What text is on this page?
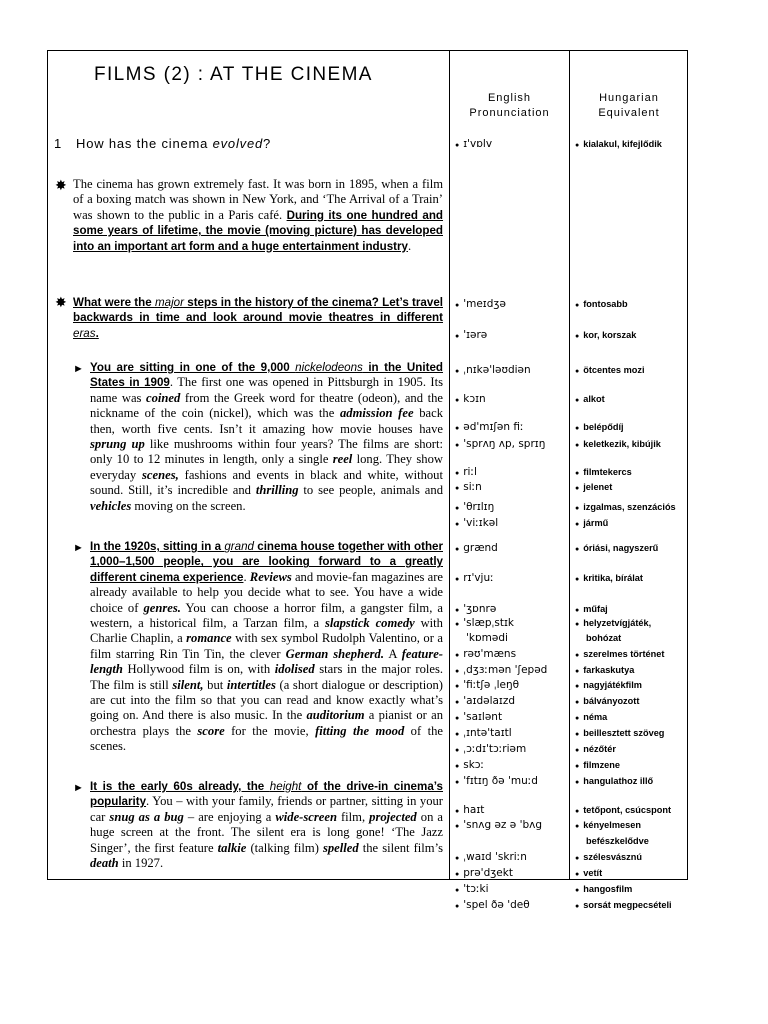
FILMS (2) : AT THE CINEMA
English
Pronunciation
Hungarian
Equivalent
1 How has the cinema evolved?
✸ The cinema has grown extremely fast. It was born in 1895, when a film of a boxing match was shown in New York, and ‘The Arrival of a Train’ was shown to the public in a Paris café. During its one hundred and some years of lifetime, the movie (moving picture) has developed into an important art form and a huge entertainment industry.
✸ What were the major steps in the history of the cinema? Let’s travel backwards in time and look around movie theatres in different eras.
► You are sitting in one of the 9,000 nickelodeons in the United States in 1909. The first one was opened in Pittsburgh in 1905. Its name was coined from the Greek word for theatre (odeon), and the nickname of the coin (nickel), which was the admission fee back then, worth five cents. Isn’t it amazing how movie houses have sprung up like mushrooms within four years? The films are short: only 10 to 12 minutes in length, only a single reel long. They show everyday scenes, fashions and events in black and white, without sound. Still, it’s incredible and thrilling to see people, animals and vehicles moving on the screen.
► In the 1920s, sitting in a grand cinema house together with other 1,000–1,500 people, you are looking forward to a greatly different cinema experience. Reviews and movie-fan magazines are already available to help you decide what to see. You have a wide choice of genres. You can choose a horror film, a gangster film, a western, a historical film, a Tarzan film, a slapstick comedy with Charlie Chaplin, a romance with sex symbol Rudolph Valentino, or a film starring Rin Tin Tin, the clever German shepherd. A feature-length Hollywood film is on, with idolised stars in the major roles. The film is still silent, but intertitles (a short dialogue or description) are cut into the film so that you can read and know exactly what’s going on. And there is also music. In the auditorium a pianist or an orchestra plays the score for the movie, fitting the mood of the scenes.
► It is the early 60s already, the height of the drive-in cinema’s popularity. You – with your family, friends or partner, sitting in your car snug as a bug – are enjoying a wide-screen film, projected on a huge screen at the front. The silent era is long gone! ‘The Jazz Singer’, the first feature talkie (talking film) spelled the silent film’s death in 1927.
● ɪ'vɒlv	● kialakul, kifejlődik
● 'meɪdʒə	● fontosabb
● 'ɪərə	● kor, korszak
● ˌnɪkə'ləʊdiən	● ötcentes mozi
● kɔɪn	● alkot
● əd'mɪʃən fiː	● belépődíj
● 'sprʌŋ ʌp, sprɪŋ	● keletkezik, kibújik
● riːl	● filmtekercs
● siːn	● jelenet
● 'θrɪlɪŋ	● izgalmas, szenzációs
● 'viːɪkəl	● jármű
● grænd	● óriási, nagyszerű
● rɪ'vjuː	● kritika, bírálat
● 'ʒɒnrə	● műfaj
● 'slæpˌstɪk	● helyzetvígjáték,
'kɒmədi	bohózat
● rəʊ'mæns	● szerelmes történet
● ˌdʒɜːmən 'ʃepəd	● farkaskutya
● 'fiːtʃə ˌleŋθ	● nagyjátékfilm
● 'aɪdəlaɪzd	● bálványozott
● 'saɪlənt	● néma
● ˌɪntə'taɪtl	● beillesztett szöveg
● ˌɔːdɪ'tɔːriəm	● nézőtér
● skɔː	● filmzene
● 'fɪtɪŋ ðə 'muːd	● hangulathoz illő
● haɪt	● tetőpont, csúcspont
● 'snʌg əz ə 'bʌg	● kényelmesen
befészkelődve
● ˌwaɪd 'skriːn	● szélesvásznú
● prə'dʒekt	● vetít
● 'tɔːki	● hangosfilm
● 'spel ðə 'deθ	● sorsát megpecsételi
